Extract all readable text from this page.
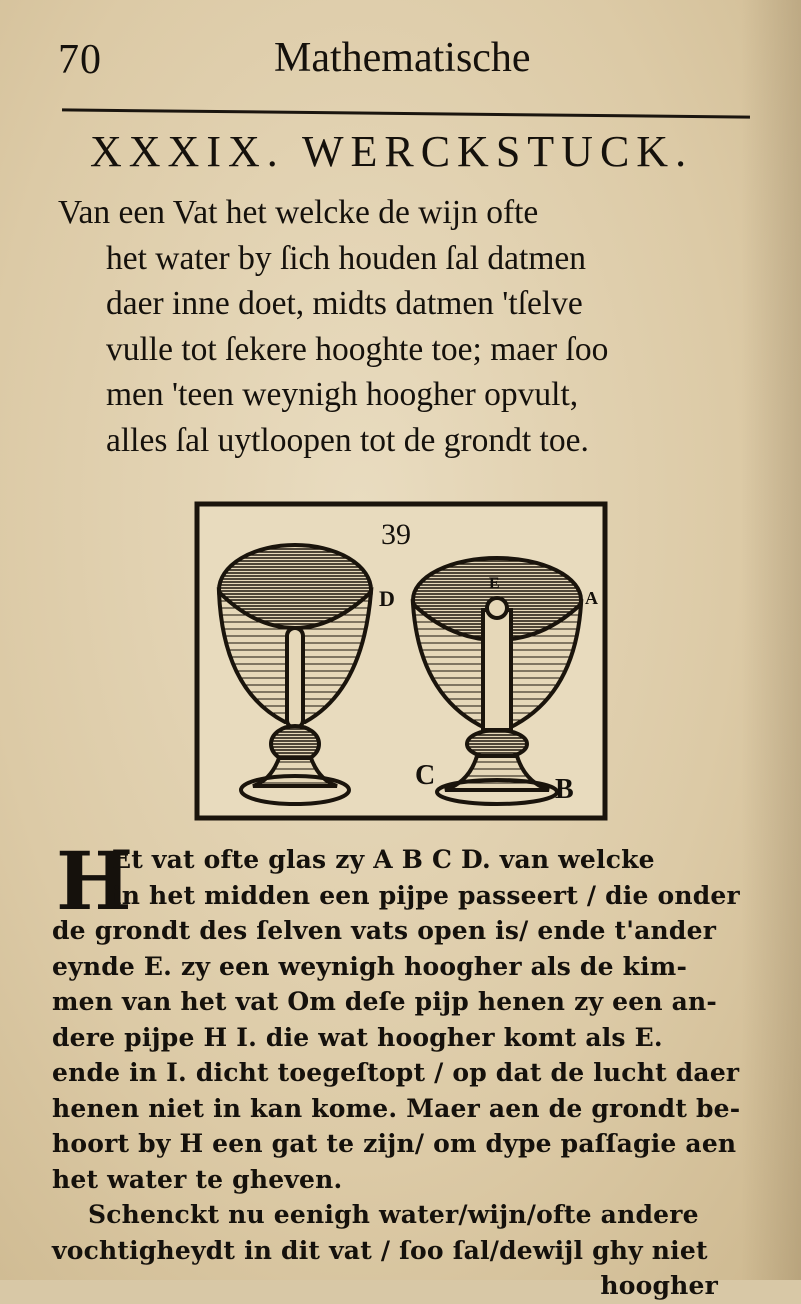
70	Mathematische
XXXIX. WERCKSTUCK.
Van een Vat het welcke de wijn ofte
het water by ſich houden ſal datmen
daer inne doet, midts datmen 'tſelve
vulle tot ſekere hooghte toe; maer ſoo
men 'teen weynigh hoogher opvult,
alles ſal uytloopen tot de grondt toe.
39
D
E
A
C	B
H
Et vat ofte glas zy A B C D. van welcke
in het midden een pijpe passeert / die onder
de grondt des ſelven vats open is/ ende t'ander
eynde E. zy een weynigh hoogher als de kim-
men van het vat Om deſe pijp henen zy een an-
dere pijpe H I. die wat hoogher komt als E.
ende in I. dicht toegeſtopt / op dat de lucht daer
henen niet in kan kome. Maer aen de grondt be-
hoort by H een gat te zijn/ om dype paſſagie aen
het water te gheven.
Schenckt nu eenigh water/wijn/ofte andere
vochtigheydt in dit vat / ſoo ſal/dewijl ghy niet
hoogher
